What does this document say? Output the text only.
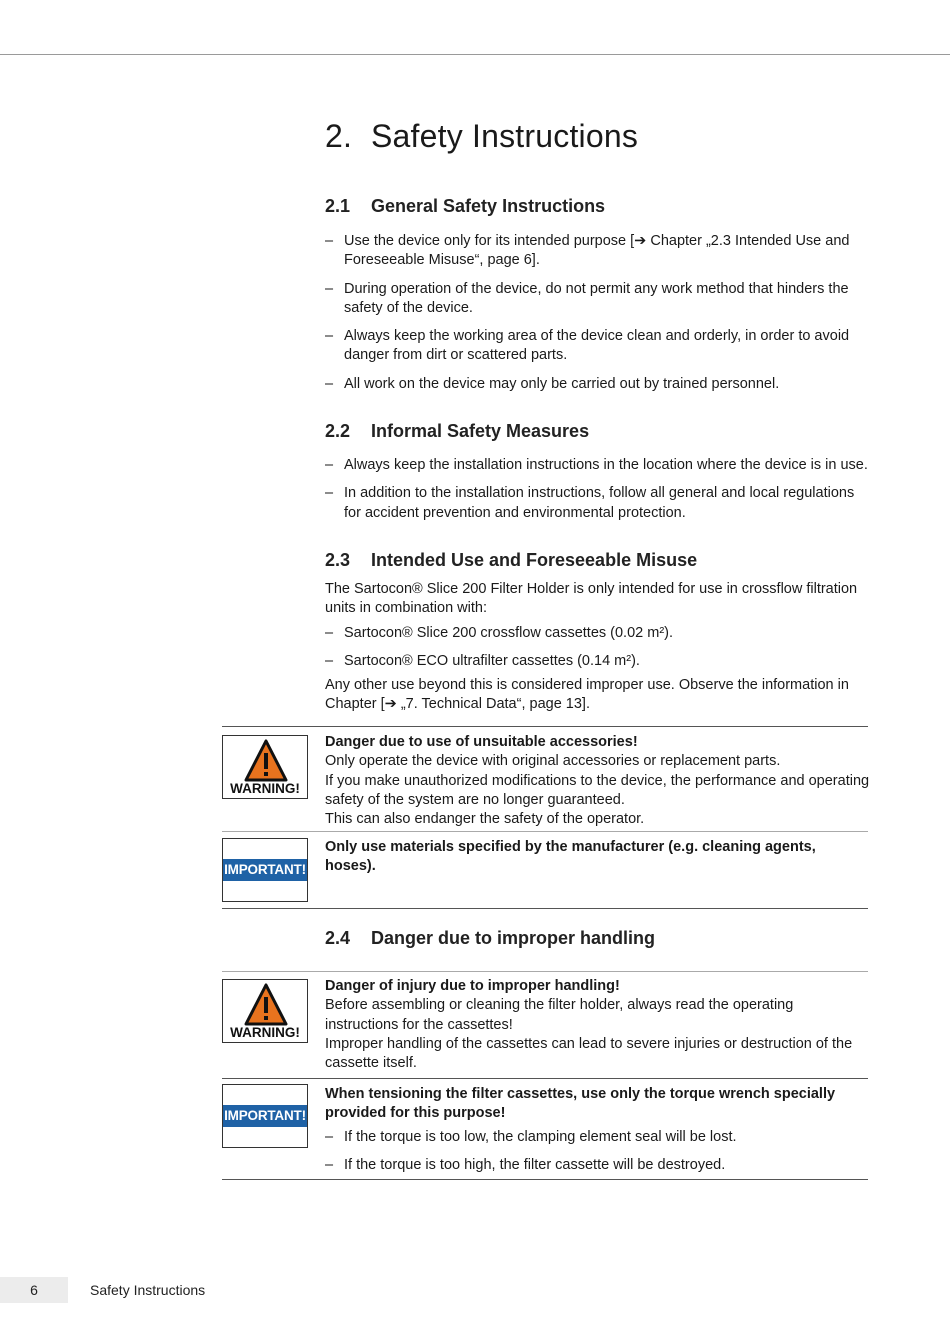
2. Safety Instructions
2.1 General Safety Instructions
– Use the device only for its intended purpose [➔ Chapter „2.3 Intended Use and Foreseeable Misuse“, page 6].
– During operation of the device, do not permit any work method that hinders the safety of the device.
– Always keep the working area of the device clean and orderly, in order to avoid danger from dirt or scattered parts.
– All work on the device may only be carried out by trained personnel.
2.2 Informal Safety Measures
– Always keep the installation instructions in the location where the device is in use.
– In addition to the installation instructions, follow all general and local regulations for accident prevention and environmental protection.
2.3 Intended Use and Foreseeable Misuse

The Sartocon® Slice 200 Filter Holder is only intended for use in crossflow filtration units in combination with:

– Sartocon® Slice 200 crossflow cassettes (0.02 m²).
– Sartocon® ECO ultrafilter cassettes (0.14 m²).

Any other use beyond this is considered improper use. Observe the information in Chapter [➔ „7. Technical Data“, page 13].

WARNING!
Danger due to use of unsuitable accessories!
Only operate the device with original accessories or replacement parts.
If you make unauthorized modifications to the device, the performance and operating safety of the system are no longer guaranteed.
This can also endanger the safety of the operator.
IMPORTANT!
Only use materials specified by the manufacturer (e.g. cleaning agents, hoses).
2.4 Danger due to improper handling
WARNING!
Danger of injury due to improper handling!
Before assembling or cleaning the filter holder, always read the operating instructions for the cassettes!
Improper handling of the cassettes can lead to severe injuries or destruction of the cassette itself.
IMPORTANT!
When tensioning the filter cassettes, use only the torque wrench specially provided for this purpose!
– If the torque is too low, the clamping element seal will be lost.
– If the torque is too high, the filter cassette will be destroyed.
6	Safety Instructions
